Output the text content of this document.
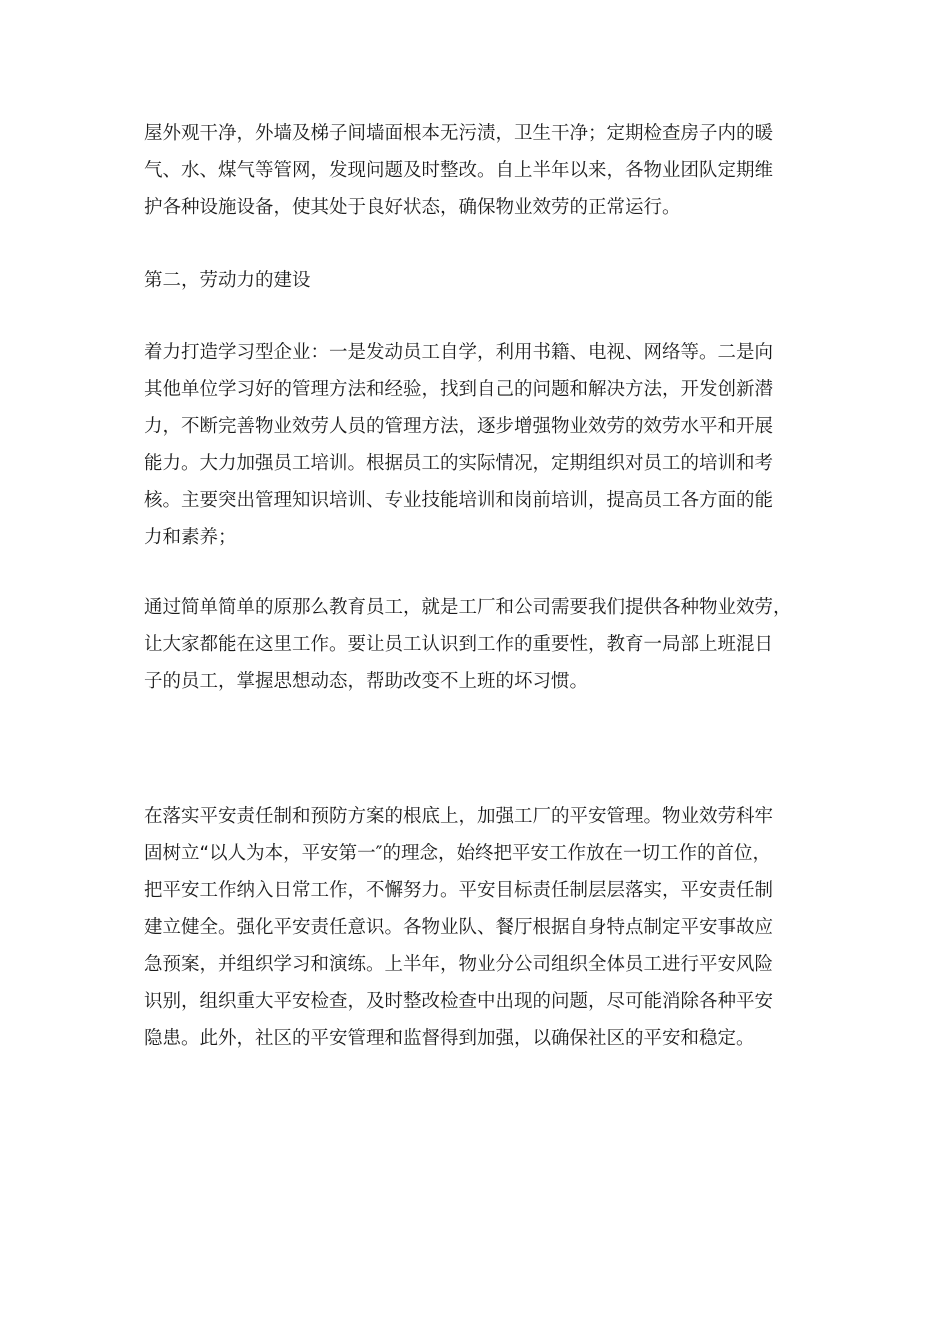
屋外观干净，外墙及梯子间墙面根本无污渍，卫生干净；定期检查房子内的暖
气、水、煤气等管网，发现问题及时整改。自上半年以来，各物业团队定期维
护各种设施设备，使其处于良好状态，确保物业效劳的正常运行。
第二，劳动力的建设
着力打造学习型企业：一是发动员工自学，利用书籍、电视、网络等。二是向
其他单位学习好的管理方法和经验，找到自己的问题和解决方法，开发创新潜
力，不断完善物业效劳人员的管理方法，逐步增强物业效劳的效劳水平和开展
能力。大力加强员工培训。根据员工的实际情况，定期组织对员工的培训和考
核。主要突出管理知识培训、专业技能培训和岗前培训，提高员工各方面的能
力和素养；
通过简单简单的原那么教育员工，就是工厂和公司需要我们提供各种物业效劳，
让大家都能在这里工作。要让员工认识到工作的重要性，教育一局部上班混日
子的员工，掌握思想动态，帮助改变不上班的坏习惯。
在落实平安责任制和预防方案的根底上，加强工厂的平安管理。物业效劳科牢
固树立“以人为本，平安第一″的理念，始终把平安工作放在一切工作的首位，
把平安工作纳入日常工作，不懈努力。平安目标责任制层层落实，平安责任制
建立健全。强化平安责任意识。各物业队、餐厅根据自身特点制定平安事故应
急预案，并组织学习和演练。上半年，物业分公司组织全体员工进行平安风险
识别，组织重大平安检查，及时整改检查中出现的问题，尽可能消除各种平安
隐患。此外，社区的平安管理和监督得到加强，以确保社区的平安和稳定。
